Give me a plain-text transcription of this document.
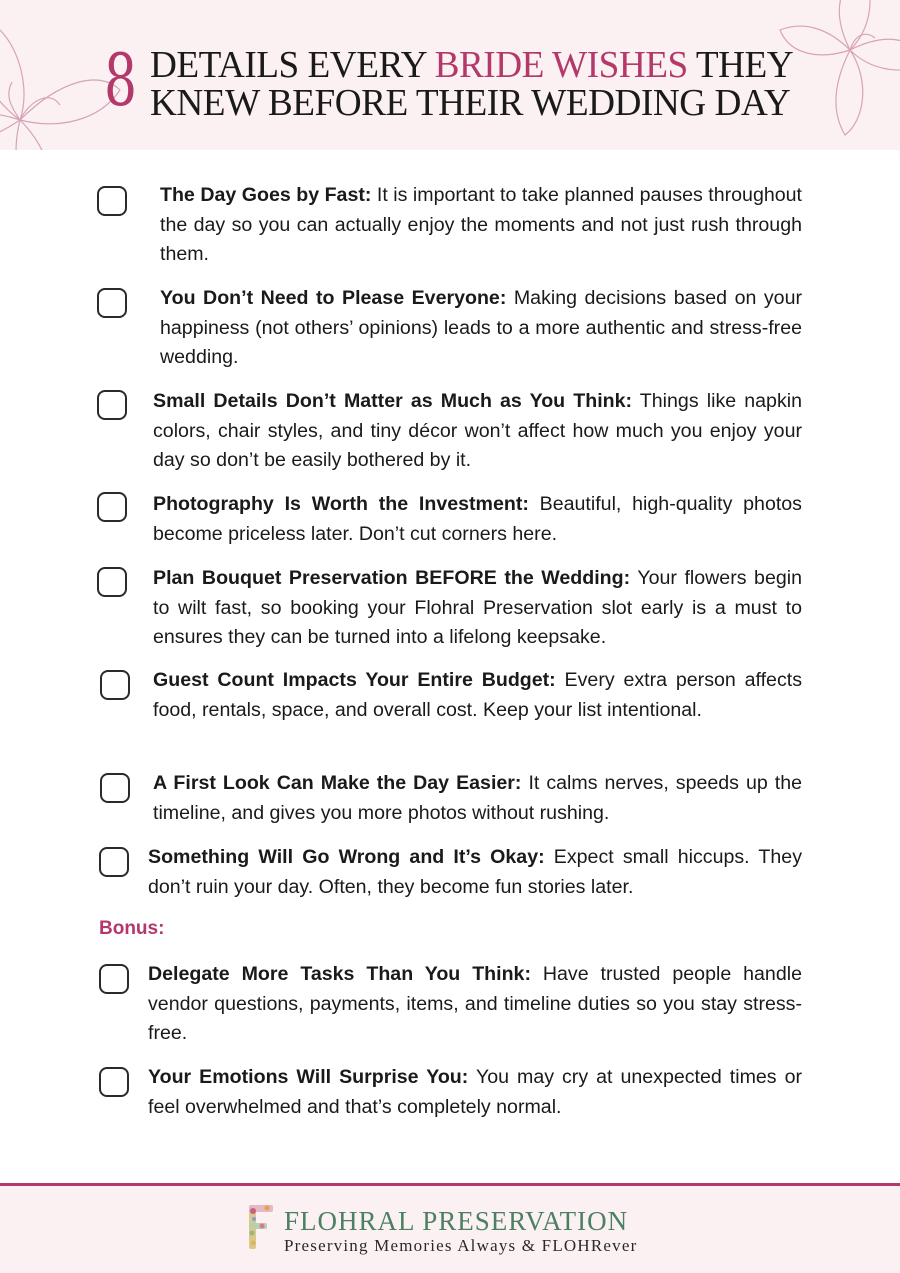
8 DETAILS EVERY BRIDE WISHES THEY
KNEW BEFORE THEIR WEDDING DAY
The Day Goes by Fast: It is important to take planned pauses throughout the day so you can actually enjoy the moments and not just rush through them.
You Don’t Need to Please Everyone: Making decisions based on your happiness (not others’ opinions) leads to a more authentic and stress-free wedding.
Small Details Don’t Matter as Much as You Think: Things like napkin colors, chair styles, and tiny décor won’t affect how much you enjoy your day so don’t be easily bothered by it.
Photography Is Worth the Investment: Beautiful, high-quality photos become priceless later. Don’t cut corners here.
Plan Bouquet Preservation BEFORE the Wedding: Your flowers begin to wilt fast, so booking your Flohral Preservation slot early is a must to ensures they can be turned into a lifelong keepsake.
Guest Count Impacts Your Entire Budget: Every extra person affects food, rentals, space, and overall cost. Keep your list intentional.
A First Look Can Make the Day Easier: It calms nerves, speeds up the timeline, and gives you more photos without rushing.
Something Will Go Wrong and It’s Okay: Expect small hiccups. They don’t ruin your day. Often, they become fun stories later.
Bonus:
Delegate More Tasks Than You Think: Have trusted people handle vendor questions, payments, items, and timeline duties so you stay stress-free.
Your Emotions Will Surprise You: You may cry at unexpected times or feel overwhelmed and that’s completely normal.
FLOHRAL PRESERVATION
Preserving Memories Always & FLOHRever
